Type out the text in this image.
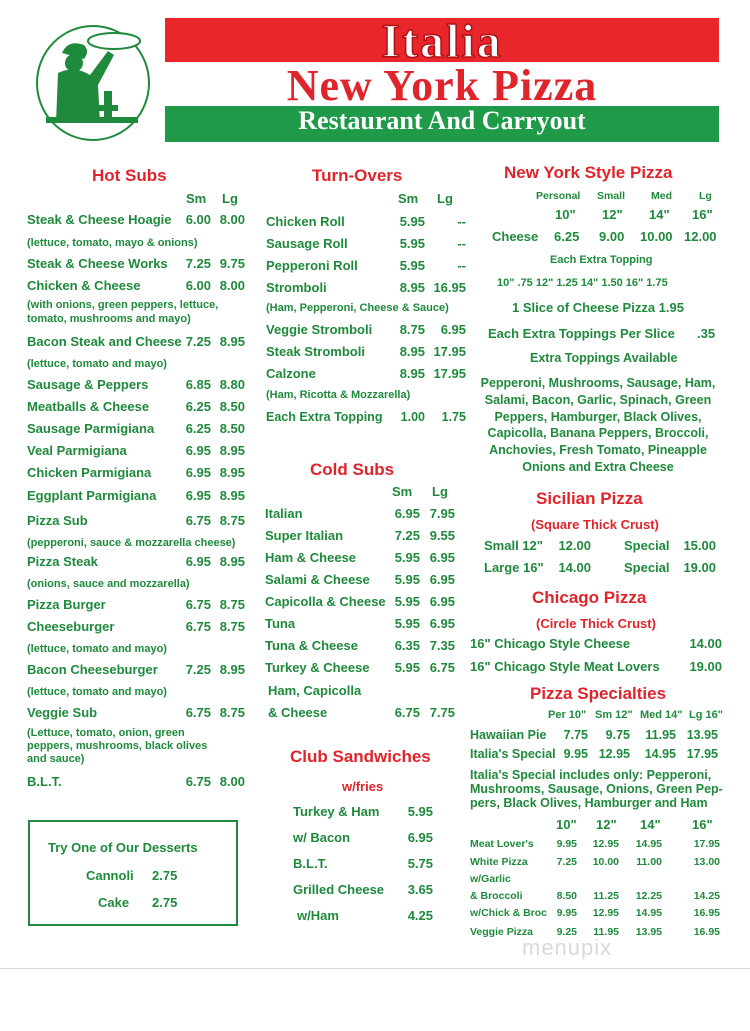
Italia
New York Pizza
Restaurant And Carryout
Hot Subs
Sm Lg
Steak & Cheese Hoagie	6.00 8.00
(lettuce, tomato, mayo & onions)
Steak & Cheese Works	7.25 9.75
Chicken & Cheese	6.00 8.00
(with onions, green peppers, lettuce,
tomato, mushrooms and mayo)
Bacon Steak and Cheese 7.25 8.95
(lettuce, tomato and mayo)
Sausage & Peppers	6.85 8.80
Meatballs & Cheese	6.25 8.50
Sausage Parmigiana	6.25 8.50
Veal Parmigiana	6.95 8.95
Chicken Parmigiana	6.95 8.95
Eggplant Parmigiana	6.95 8.95
Pizza Sub	6.75 8.75
(pepperoni, sauce & mozzarella cheese)
Pizza Steak	6.95 8.95
(onions, sauce and mozzarella)
Pizza Burger	6.75 8.75
Cheeseburger	6.75 8.75
(lettuce, tomato and mayo)
Bacon Cheeseburger	7.25 8.95
(lettuce, tomato and mayo)
Veggie Sub	6.75 8.75
(Lettuce, tomato, onion, green
peppers, mushrooms, black olives
and sauce)
B.L.T.	6.75 8.00
Try One of Our Desserts
Cannoli 2.75
Cake 2.75
Turn-Overs
Sm Lg
Chicken Roll	5.95	--
Sausage Roll	5.95	--
Pepperoni Roll	5.95	--
Stromboli	8.95 16.95
(Ham, Pepperoni, Cheese & Sauce)
Veggie Stromboli	8.75	6.95
Steak Stromboli	8.95 17.95
Calzone	8.95 17.95
(Ham, Ricotta & Mozzarella)
Each Extra Topping	1.00	1.75
Cold Subs
Sm Lg
Italian	6.95 7.95
Super Italian	7.25 9.55
Ham & Cheese	5.95 6.95
Salami & Cheese	5.95 6.95
Capicolla & Cheese 5.95 6.95
Tuna	5.95 6.95
Tuna & Cheese	6.35 7.35
Turkey & Cheese	5.95 6.75
Ham, Capicolla
& Cheese	6.75 7.75
Club Sandwiches
w/fries
Turkey & Ham	5.95
w/ Bacon	6.95
B.L.T.	5.75
Grilled Cheese	3.65
w/Ham	4.25
New York Style Pizza
Personal Small Med	Lg
10" 12" 14" 16"
Cheese 6.25 9.00 10.00 12.00
Each Extra Topping
10" .75 12" 1.25 14" 1.50 16" 1.75
1 Slice of Cheese Pizza 1.95
Each Extra Toppings Per Slice .35
Extra Toppings Available
Pepperoni, Mushrooms, Sausage, Ham,
Salami, Bacon, Garlic, Spinach, Green
Peppers, Hamburger, Black Olives,
Capicolla, Banana Peppers, Broccoli,
Anchovies, Fresh Tomato, Pineapple
Onions and Extra Cheese
Sicilian Pizza
(Square Thick Crust)
Small 12"	12.00	Special	15.00
Large 16"	14.00	Special	19.00
Chicago Pizza
(Circle Thick Crust)
16" Chicago Style Cheese	14.00
16" Chicago Style Meat Lovers	19.00
Pizza Specialties
Per 10" Sm 12" Med 14" Lg 16"
Hawaiian Pie	7.75	9.75	11.95 13.95
Italia's Special 9.95 12.95	14.95 17.95
Italia's Special includes only: Pepperoni,
Mushrooms, Sausage, Onions, Green Pep-
pers, Black Olives, Hamburger and Ham
10" 12" 14" 16"
Meat Lover's	9.95	12.95	14.95	17.95
White Pizza	7.25	10.00	11.00	13.00
w/Garlic
& Broccoli	8.50	11.25	12.25	14.25
w/Chick & Broc 9.95	12.95	14.95	16.95
Veggie Pizza	9.25	11.95	13.95	16.95
menupix
